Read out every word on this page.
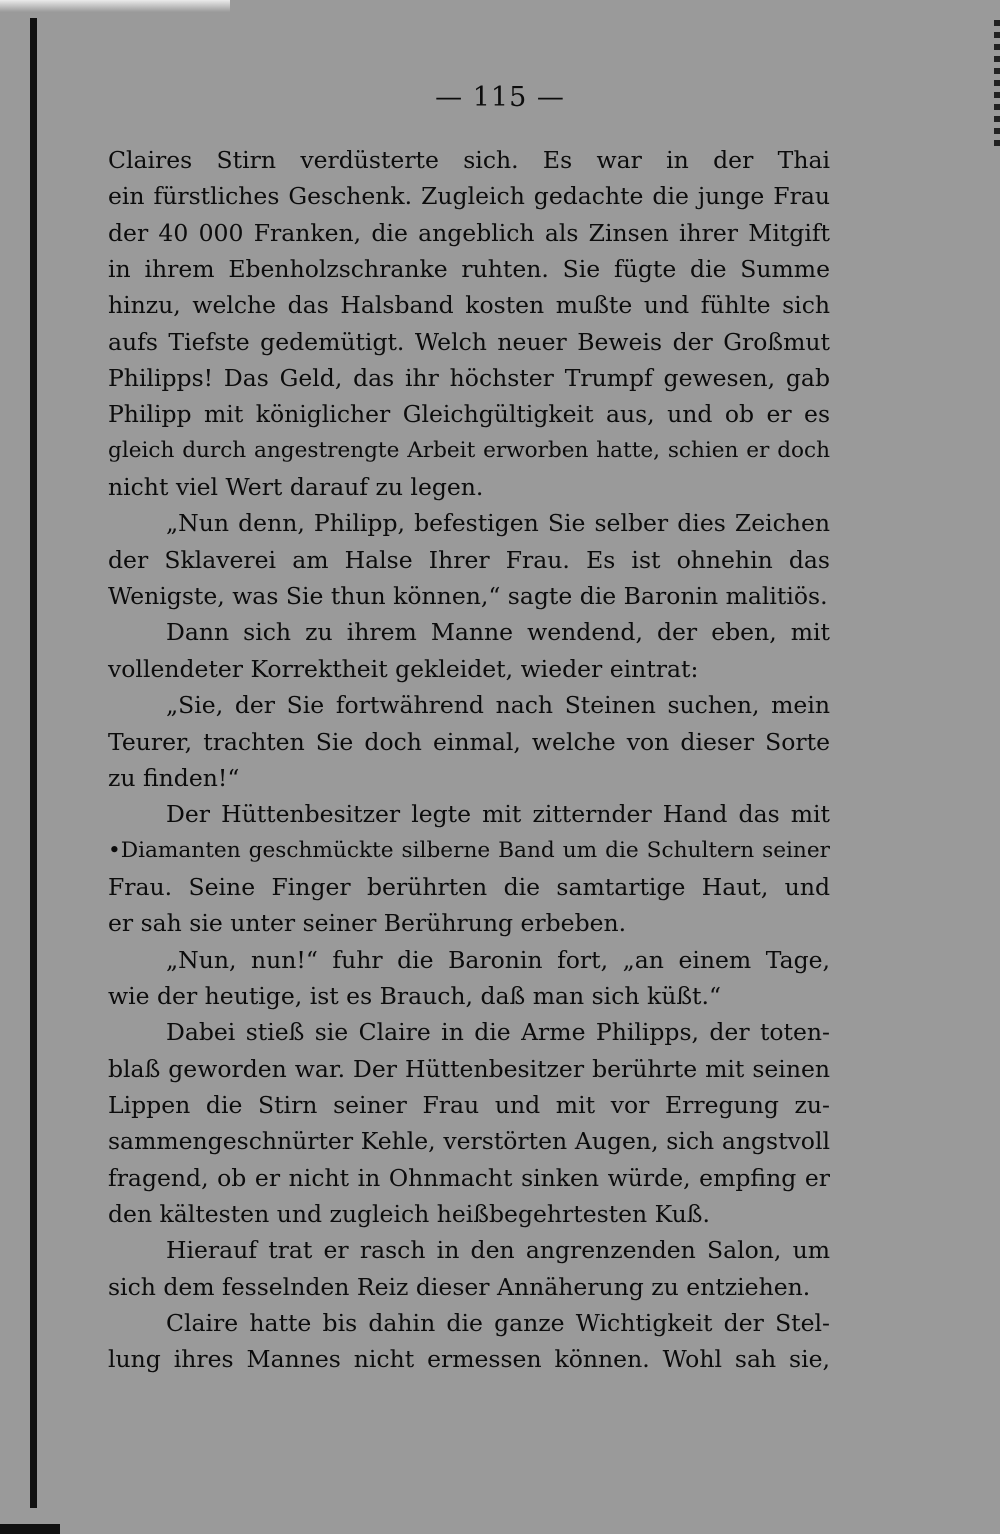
— 115 —
Claires Stirn verdüsterte sich. Es war in der Thai
ein fürstliches Geschenk. Zugleich gedachte die junge Frau
der 40 000 Franken, die angeblich als Zinsen ihrer Mitgift
in ihrem Ebenholzschranke ruhten. Sie fügte die Summe
hinzu, welche das Halsband kosten mußte und fühlte sich
aufs Tiefste gedemütigt. Welch neuer Beweis der Großmut
Philipps! Das Geld, das ihr höchster Trumpf gewesen, gab
Philipp mit königlicher Gleichgültigkeit aus, und ob er es
gleich durch angestrengte Arbeit erworben hatte, schien er doch
nicht viel Wert darauf zu legen.
„Nun denn, Philipp, befestigen Sie selber dies Zeichen
der Sklaverei am Halse Ihrer Frau. Es ist ohnehin das
Wenigste, was Sie thun können,“ sagte die Baronin malitiös.
Dann sich zu ihrem Manne wendend, der eben, mit
vollendeter Korrektheit gekleidet, wieder eintrat:
„Sie, der Sie fortwährend nach Steinen suchen, mein
Teurer, trachten Sie doch einmal, welche von dieser Sorte
zu finden!“
Der Hüttenbesitzer legte mit zitternder Hand das mit
•Diamanten geschmückte silberne Band um die Schultern seiner
Frau. Seine Finger berührten die samtartige Haut, und
er sah sie unter seiner Berührung erbeben.
„Nun, nun!“ fuhr die Baronin fort, „an einem Tage,
wie der heutige, ist es Brauch, daß man sich küßt.“
Dabei stieß sie Claire in die Arme Philipps, der toten-
blaß geworden war. Der Hüttenbesitzer berührte mit seinen
Lippen die Stirn seiner Frau und mit vor Erregung zu-
sammengeschnürter Kehle, verstörten Augen, sich angstvoll
fragend, ob er nicht in Ohnmacht sinken würde, empfing er
den kältesten und zugleich heißbegehrtesten Kuß.
Hierauf trat er rasch in den angrenzenden Salon, um
sich dem fesselnden Reiz dieser Annäherung zu entziehen.
Claire hatte bis dahin die ganze Wichtigkeit der Stel-
lung ihres Mannes nicht ermessen können. Wohl sah sie,
